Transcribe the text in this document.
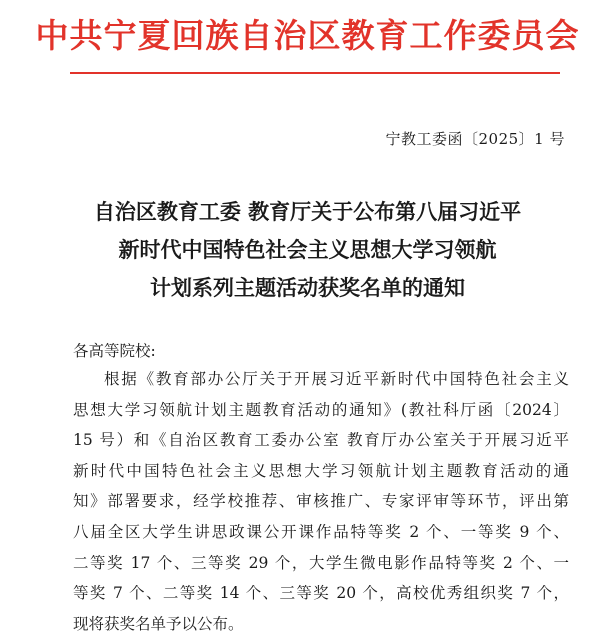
中共宁夏回族自治区教育工作委员会
宁教工委函〔2025〕1 号
自治区教育工委 教育厅关于公布第八届习近平
新时代中国特色社会主义思想大学习领航
计划系列主题活动获奖名单的通知
各高等院校:
根据《教育部办公厅关于开展习近平新时代中国特色社会主义
思想大学习领航计划主题教育活动的通知》(教社科厅函〔2024〕
15 号）和《自治区教育工委办公室 教育厅办公室关于开展习近平
新时代中国特色社会主义思想大学习领航计划主题教育活动的通
知》部署要求，经学校推荐、审核推广、专家评审等环节，评出第
八届全区大学生讲思政课公开课作品特等奖 2 个、一等奖 9 个、
二等奖 17 个、三等奖 29 个，大学生微电影作品特等奖 2 个、一
等奖 7 个、二等奖 14 个、三等奖 20 个，高校优秀组织奖 7 个，
现将获奖名单予以公布。
